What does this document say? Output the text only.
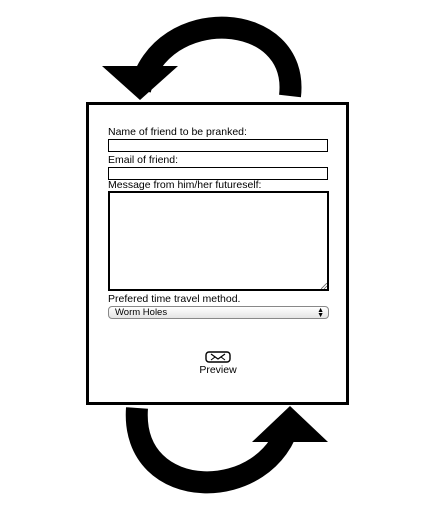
Name of friend to be pranked:
Email of friend:
Message from him/her futureself:
Prefered time travel method.
Worm Holes	▲
▼
Preview
